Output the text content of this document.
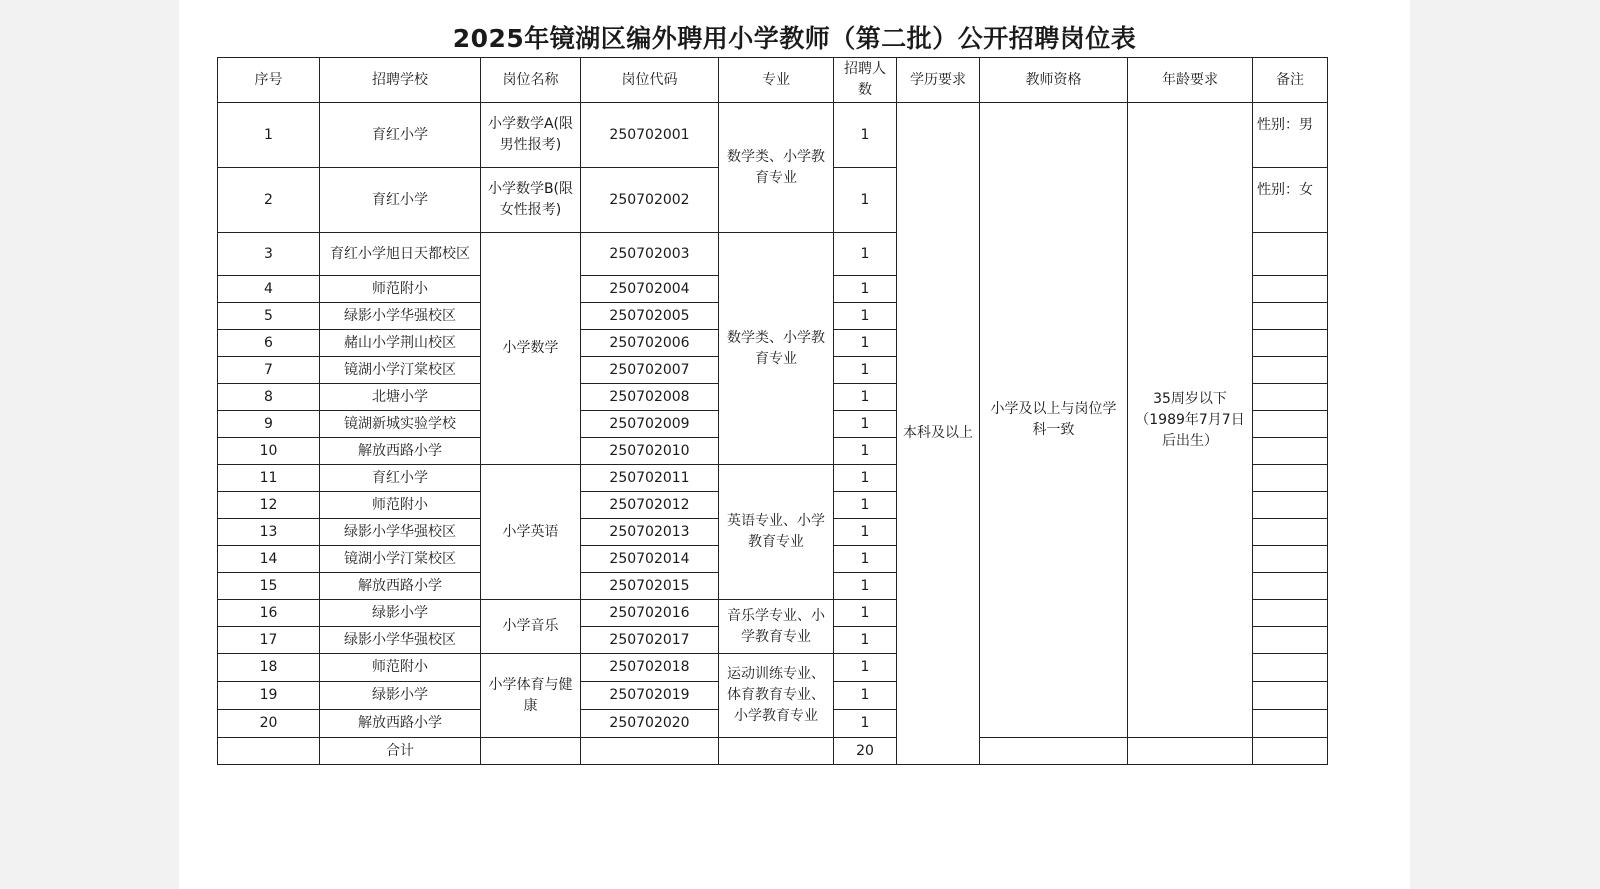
2025年镜湖区编外聘用小学教师（第二批）公开招聘岗位表
序号	招聘学校	岗位名称	岗位代码	专业	招聘人数	学历要求	教师资格	年龄要求	备注
1	育红小学	小学数学A(限男性报考)	250702001	数学类、小学教育专业	1	本科及以上	小学及以上与岗位学科一致	35周岁以下（1989年7月7日后出生）	性别：男
2	育红小学	小学数学B(限女性报考)	250702002		1				性别：女
3	育红小学旭日天都校区	小学数学	250702003	数学类、小学教育专业	1				
4	师范附小		250702004		1				
5	绿影小学华强校区		250702005		1				
6	赭山小学荆山校区		250702006		1				
7	镜湖小学汀棠校区		250702007		1				
8	北塘小学		250702008		1				
9	镜湖新城实验学校		250702009		1				
10	解放西路小学		250702010		1				
11	育红小学	小学英语	250702011	英语专业、小学教育专业	1				
12	师范附小		250702012		1				
13	绿影小学华强校区		250702013		1				
14	镜湖小学汀棠校区		250702014		1				
15	解放西路小学		250702015		1				
16	绿影小学	小学音乐	250702016	音乐学专业、小学教育专业	1				
17	绿影小学华强校区		250702017		1				
18	师范附小	小学体育与健康	250702018	运动训练专业、体育教育专业、小学教育专业	1				
19	绿影小学		250702019		1				
20	解放西路小学		250702020		1				
	合计				20				
